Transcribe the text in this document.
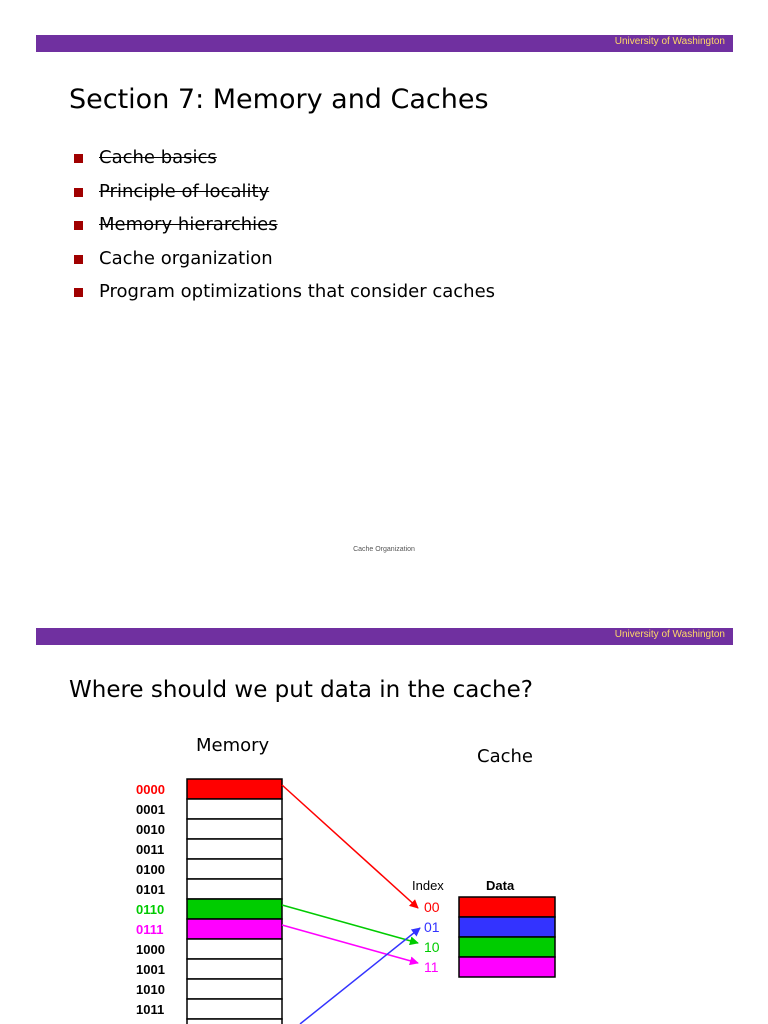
University of Washington
Section 7: Memory and Caches
Cache basics
Principle of locality
Memory hierarchies
Cache organization
Program optimizations that consider caches
Cache Organization
University of Washington
Where should we put data in the cache?
Memory
Cache
Index	Data
0000
0001
0010
0011
0100
0101
0110
0111
1000
1001
1010
1011
00
01
10
11
